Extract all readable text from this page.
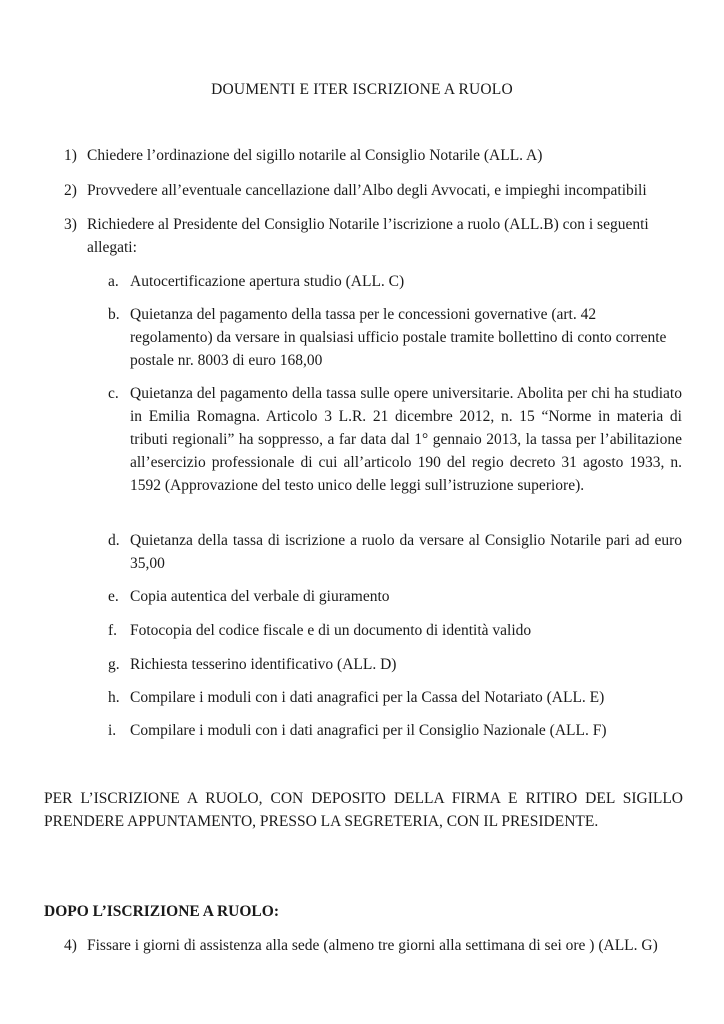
DOUMENTI E ITER ISCRIZIONE A RUOLO
1) Chiedere l’ordinazione del sigillo notarile al Consiglio Notarile (ALL. A)
2) Provvedere all’eventuale cancellazione dall’Albo degli Avvocati, e impieghi incompatibili
3) Richiedere al Presidente del Consiglio Notarile l’iscrizione a ruolo (ALL.B) con i seguenti allegati:
a. Autocertificazione apertura studio (ALL. C)
b. Quietanza del pagamento della tassa per le concessioni governative (art. 42 regolamento) da versare in qualsiasi ufficio postale tramite bollettino di conto corrente postale nr. 8003 di euro 168,00
c. Quietanza del pagamento della tassa sulle opere universitarie. Abolita per chi ha studiato in Emilia Romagna. Articolo 3 L.R. 21 dicembre 2012, n. 15 “Norme in materia di tributi regionali” ha soppresso, a far data dal 1° gennaio 2013, la tassa per l’abilitazione all’esercizio professionale di cui all’articolo 190 del regio decreto 31 agosto 1933, n. 1592 (Approvazione del testo unico delle leggi sull’istruzione superiore).
d. Quietanza della tassa di iscrizione a ruolo da versare al Consiglio Notarile pari ad euro 35,00
e. Copia autentica del verbale di giuramento
f. Fotocopia del codice fiscale e di un documento di identità valido
g. Richiesta tesserino identificativo (ALL. D)
h. Compilare i moduli con i dati anagrafici per la Cassa del Notariato (ALL. E)
i. Compilare i moduli con i dati anagrafici per il Consiglio Nazionale (ALL. F)
PER L’ISCRIZIONE A RUOLO, CON DEPOSITO DELLA FIRMA E RITIRO DEL SIGILLO PRENDERE APPUNTAMENTO, PRESSO LA SEGRETERIA, CON IL PRESIDENTE.
DOPO L’ISCRIZIONE A RUOLO:
4) Fissare i giorni di assistenza alla sede (almeno tre giorni alla settimana di sei ore ) (ALL. G)
